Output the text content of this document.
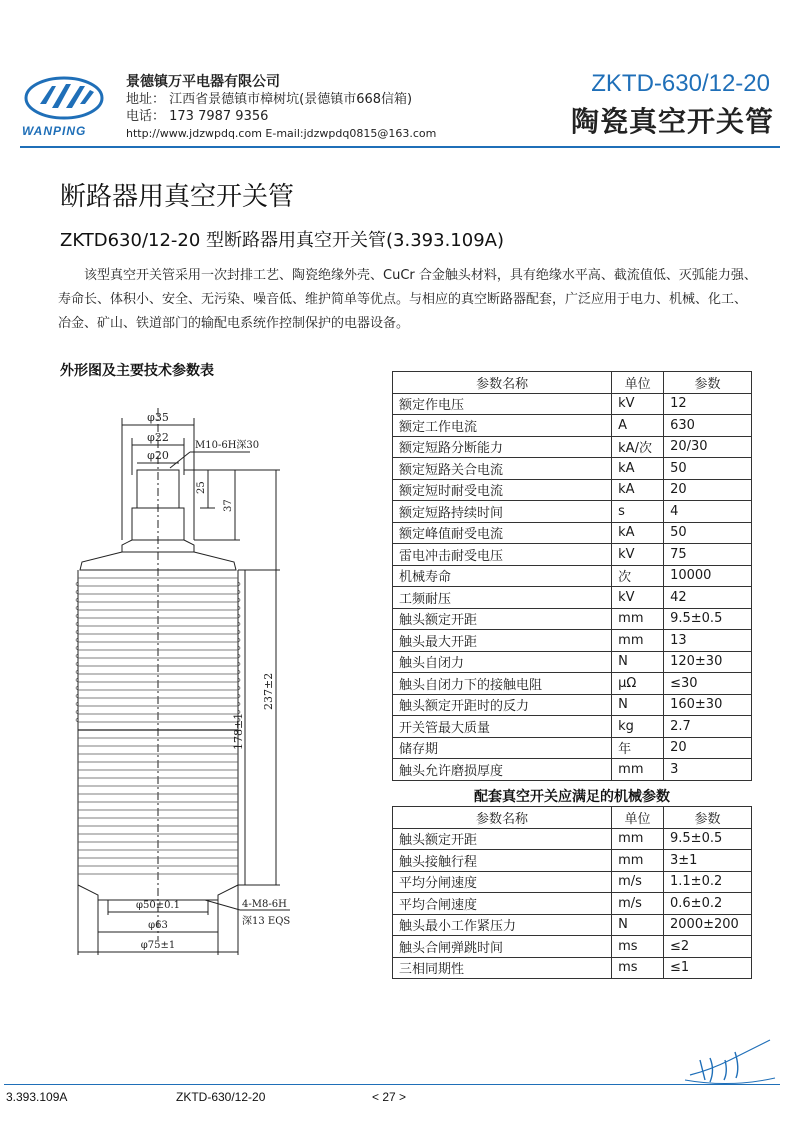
WANPING
景德镇万平电器有限公司
地址： 江西省景德镇市樟树坑(景德镇市668信箱)
电话： 173 7987 9356
http://www.jdzwpdq.com E-mail:jdzwpdq0815@163.com
ZKTD-630/12-20
陶瓷真空开关管
断路器用真空开关管
ZKTD630/12-20 型断路器用真空开关管(3.393.109A)

该型真空开关管采用一次封排工艺、陶瓷绝缘外壳、CuCr 合金触头材料，具有绝缘水平高、截流值低、灭弧能力强、寿命长、体积小、安全、无污染、噪音低、维护简单等优点。与相应的真空断路器配套，广泛应用于电力、机械、化工、冶金、矿山、铁道部门的输配电系统作控制保护的电器设备。

外形图及主要技术参数表
φ35
φ22
φ20
M10-6H深30
25
37
237±2
178±1
φ50±0.1
φ63
φ75±1
4-M8-6H
深13 EQS
参数名称	单位	参数
额定作电压	kV	12
额定工作电流	A	630
额定短路分断能力	kA/次	20/30
额定短路关合电流	kA	50
额定短时耐受电流	kA	20
额定短路持续时间	s	4
额定峰值耐受电流	kA	50
雷电冲击耐受电压	kV	75
机械寿命	次	10000
工频耐压	kV	42
触头额定开距	mm	9.5±0.5
触头最大开距	mm	13
触头自闭力	N	120±30
触头自闭力下的接触电阻	μΩ	≤30
触头额定开距时的反力	N	160±30
开关管最大质量	kg	2.7
储存期	年	20
触头允许磨损厚度	mm	3
配套真空开关应满足的机械参数
参数名称	单位	参数
触头额定开距	mm	9.5±0.5
触头接触行程	mm	3±1
平均分闸速度	m/s	1.1±0.2
平均合闸速度	m/s	0.6±0.2
触头最小工作紧压力	N	2000±200
触头合闸弹跳时间	ms	≤2
三相同期性	ms	≤1
3.393.109A	ZKTD-630/12-20	< 27 >
